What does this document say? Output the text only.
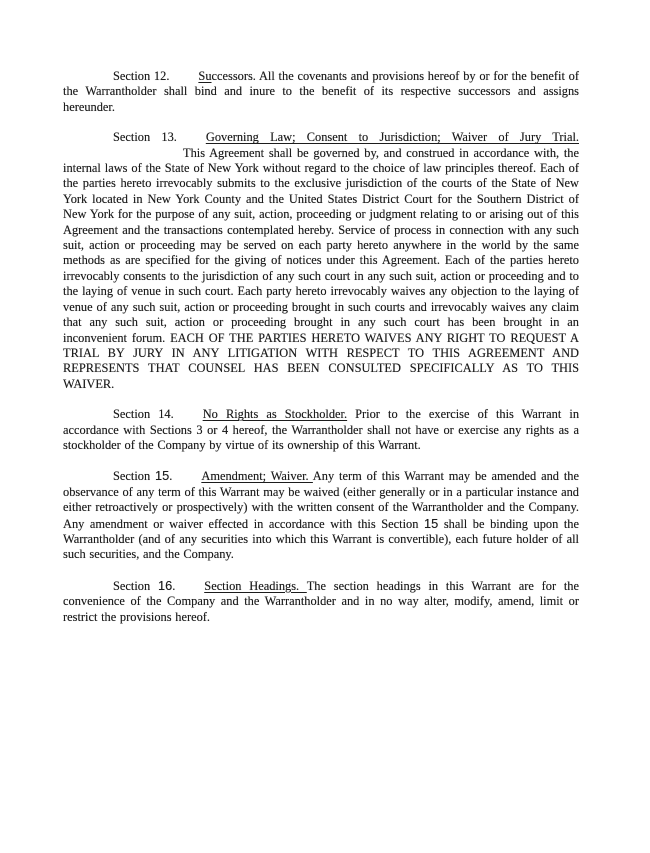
Section 12. Successors. All the covenants and provisions hereof by or for the benefit of the Warrantholder shall bind and inure to the benefit of its respective successors and assigns hereunder.
Section 13. Governing Law; Consent to Jurisdiction; Waiver of Jury Trial.
This Agreement shall be governed by, and construed in accordance with, the internal laws of the State of New York without regard to the choice of law principles thereof. Each of the parties hereto irrevocably submits to the exclusive jurisdiction of the courts of the State of New York located in New York County and the United States District Court for the Southern District of New York for the purpose of any suit, action, proceeding or judgment relating to or arising out of this Agreement and the transactions contemplated hereby. Service of process in connection with any such suit, action or proceeding may be served on each party hereto anywhere in the world by the same methods as are specified for the giving of notices under this Agreement. Each of the parties hereto irrevocably consents to the jurisdiction of any such court in any such suit, action or proceeding and to the laying of venue in such court. Each party hereto irrevocably waives any objection to the laying of venue of any such suit, action or proceeding brought in such courts and irrevocably waives any claim that any such suit, action or proceeding brought in any such court has been brought in an inconvenient forum. EACH OF THE PARTIES HERETO WAIVES ANY RIGHT TO REQUEST A TRIAL BY JURY IN ANY LITIGATION WITH RESPECT TO THIS AGREEMENT AND REPRESENTS THAT COUNSEL HAS BEEN CONSULTED SPECIFICALLY AS TO THIS WAIVER.
Section 14. No Rights as Stockholder. Prior to the exercise of this Warrant in accordance with Sections 3 or 4 hereof, the Warrantholder shall not have or exercise any rights as a stockholder of the Company by virtue of its ownership of this Warrant.
Section 15. Amendment; Waiver. Any term of this Warrant may be amended and the observance of any term of this Warrant may be waived (either generally or in a particular instance and either retroactively or prospectively) with the written consent of the Warrantholder and the Company. Any amendment or waiver effected in accordance with this Section 15 shall be binding upon the Warrantholder (and of any securities into which this Warrant is convertible), each future holder of all such securities, and the Company.
Section 16. Section Headings. The section headings in this Warrant are for the convenience of the Company and the Warrantholder and in no way alter, modify, amend, limit or restrict the provisions hereof.
